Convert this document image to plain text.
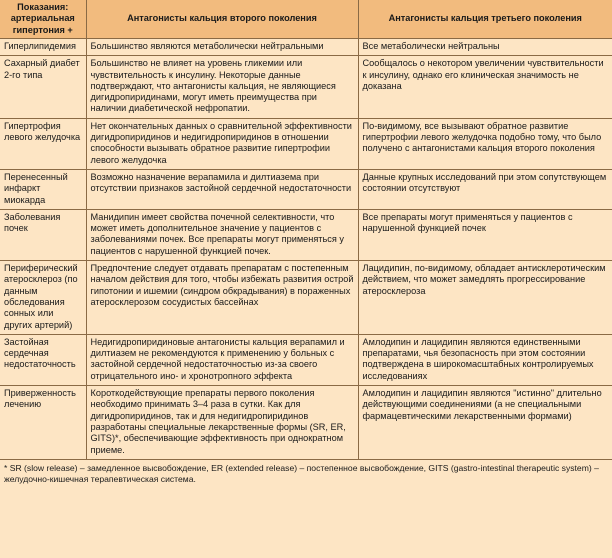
Показания: артериальная гипертония +	Антагонисты кальция второго поколения	Антагонисты кальция третьего поколения
Гиперлипидемия	Большинство являются метаболически нейтральными	Все метаболически нейтральны
Сахарный диабет 2-го типа	Большинство не влияет на уровень гликемии или чувствительность к инсулину. Некоторые данные подтверждают, что антагонисты кальция, не являющиеся дигидропиридинами, могут иметь преимущества при наличии диабетической нефропатии.	Сообщалось о некотором увеличении чувствительности к инсулину, однако его клиническая значимость не доказана
Гипертрофия левого желудочка	Нет окончательных данных о сравнительной эффективности дигидропиридинов и недигидропиридинов в отношении способности вызывать обратное развитие гипертрофии левого желудочка	По-видимому, все вызывают обратное развитие гипертрофии левого желудочка подобно тому, что было получено с антагонистами кальция второго поколения
Перенесенный инфаркт миокарда	Возможно назначение верапамила и дилтиазема при отсутствии признаков застойной сердечной недостаточности	Данные крупных исследований при этом сопутствующем состоянии отсутствуют
Заболевания почек	Манидипин имеет свойства почечной селективности, что может иметь дополнительное значение у пациентов с заболеваниями почек. Все препараты могут применяться у пациентов с нарушенной функцией почек.	Все препараты могут применяться у пациентов с нарушенной функцией почек
Периферический атеросклероз (по данным обследования сонных или других артерий)	Предпочтение следует отдавать препаратам с постепенным началом действия для того, чтобы избежать развития острой гипотонии и ишемии (синдром обкрадывания) в пораженных атеросклерозом сосудистых бассейнах	Лацидипин, по-видимому, обладает антисклеротическим действием, что может замедлять прогрессирование атеросклероза
Застойная сердечная недостаточность	Недигидропиридиновые антагонисты кальция верапамил и дилтиазем не рекомендуются к применению у больных с застойной сердечной недостаточностью из-за своего отрицательного ино- и хронотропного эффекта	Амлодипин и лацидипин являются единственными препаратами, чья безопасность при этом состоянии подтверждена в широкомасштабных контролируемых исследованиях
Приверженность лечению	Короткодействующие препараты первого поколения необходимо принимать 3–4 раза в сутки. Как для дигидропиридинов, так и для недигидропиридинов разработаны специальные лекарственные формы (SR, ER, GITS)*, обеспечивающие эффективность при однократном приеме.	Амлодипин и лацидипин являются "истинно" длительно действующими соединениями (а не специальными фармацевтическими лекарственными формами)
* SR (slow release) – замедленное высвобождение, ER (extended release) – постепенное высвобождение, GITS (gastro-intestinal therapeutic system) – желудочно-кишечная терапевтическая система.
